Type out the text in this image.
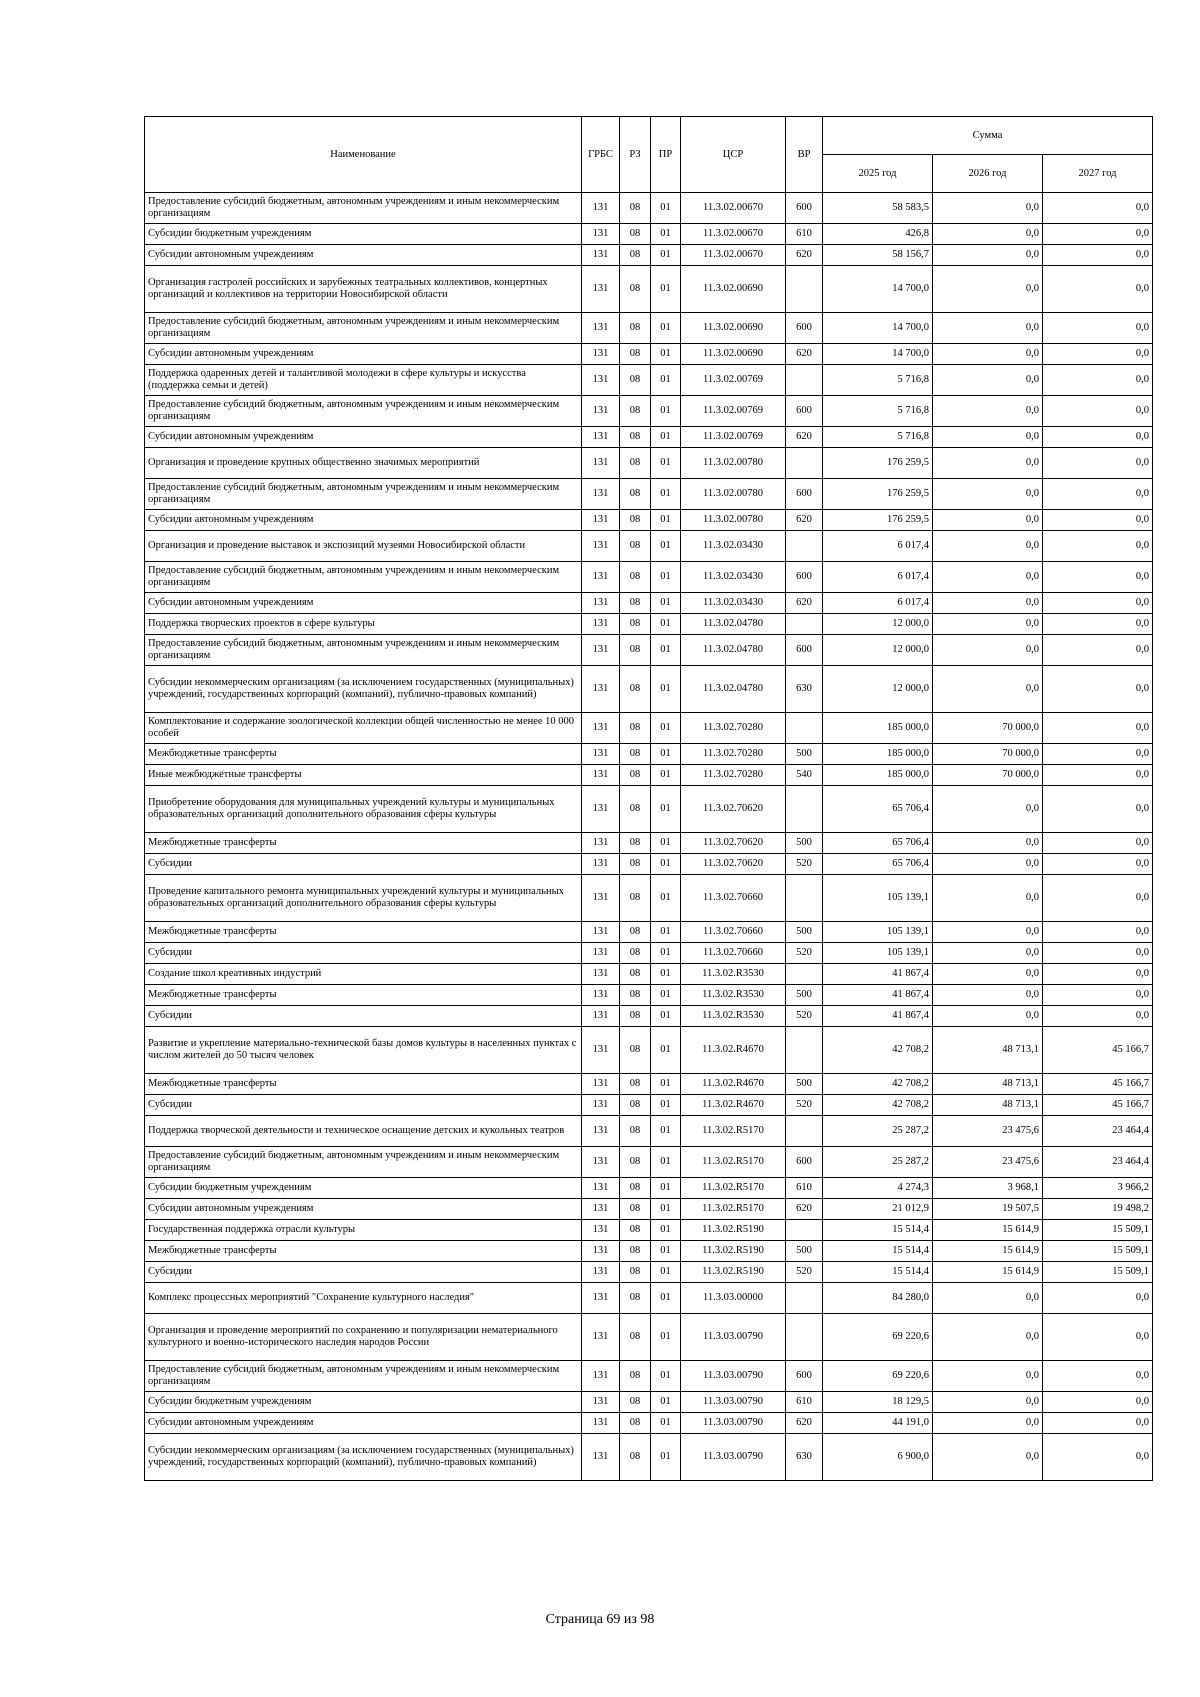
Наименование	ГРБС	РЗ	ПР	ЦСР	ВР	Сумма		
						2025 год	2026 год	2027 год
Предоставление субсидий бюджетным, автономным учреждениям и иным некоммерческим организациям	131	08	01	11.3.02.00670	600	58 583,5	0,0	0,0
Субсидии бюджетным учреждениям	131	08	01	11.3.02.00670	610	426,8	0,0	0,0
Субсидии автономным учреждениям	131	08	01	11.3.02.00670	620	58 156,7	0,0	0,0
Организация гастролей российских и зарубежных театральных коллективов, концертных организаций и коллективов на территории Новосибирской области	131	08	01	11.3.02.00690		14 700,0	0,0	0,0
Предоставление субсидий бюджетным, автономным учреждениям и иным некоммерческим организациям	131	08	01	11.3.02.00690	600	14 700,0	0,0	0,0
Субсидии автономным учреждениям	131	08	01	11.3.02.00690	620	14 700,0	0,0	0,0
Поддержка одаренных детей и талантливой молодежи в сфере культуры и искусства (поддержка семьи и детей)	131	08	01	11.3.02.00769		5 716,8	0,0	0,0
Предоставление субсидий бюджетным, автономным учреждениям и иным некоммерческим организациям	131	08	01	11.3.02.00769	600	5 716,8	0,0	0,0
Субсидии автономным учреждениям	131	08	01	11.3.02.00769	620	5 716,8	0,0	0,0
Организация и проведение крупных общественно значимых мероприятий	131	08	01	11.3.02.00780		176 259,5	0,0	0,0
Предоставление субсидий бюджетным, автономным учреждениям и иным некоммерческим организациям	131	08	01	11.3.02.00780	600	176 259,5	0,0	0,0
Субсидии автономным учреждениям	131	08	01	11.3.02.00780	620	176 259,5	0,0	0,0
Организация и проведение выставок и экспозиций музеями Новосибирской области	131	08	01	11.3.02.03430		6 017,4	0,0	0,0
Предоставление субсидий бюджетным, автономным учреждениям и иным некоммерческим организациям	131	08	01	11.3.02.03430	600	6 017,4	0,0	0,0
Субсидии автономным учреждениям	131	08	01	11.3.02.03430	620	6 017,4	0,0	0,0
Поддержка творческих проектов в сфере культуры	131	08	01	11.3.02.04780		12 000,0	0,0	0,0
Предоставление субсидий бюджетным, автономным учреждениям и иным некоммерческим организациям	131	08	01	11.3.02.04780	600	12 000,0	0,0	0,0
Субсидии некоммерческим организациям (за исключением государственных (муниципальных) учреждений, государственных корпораций (компаний), публично-правовых компаний)	131	08	01	11.3.02.04780	630	12 000,0	0,0	0,0
Комплектование и содержание зоологической коллекции общей численностью не менее 10 000 особей	131	08	01	11.3.02.70280		185 000,0	70 000,0	0,0
Межбюджетные трансферты	131	08	01	11.3.02.70280	500	185 000,0	70 000,0	0,0
Иные межбюджетные трансферты	131	08	01	11.3.02.70280	540	185 000,0	70 000,0	0,0
Приобретение оборудования для муниципальных учреждений культуры и муниципальных образовательных организаций дополнительного образования сферы культуры	131	08	01	11.3.02.70620		65 706,4	0,0	0,0
Межбюджетные трансферты	131	08	01	11.3.02.70620	500	65 706,4	0,0	0,0
Субсидии	131	08	01	11.3.02.70620	520	65 706,4	0,0	0,0
Проведение капитального ремонта муниципальных учреждений культуры и муниципальных образовательных организаций дополнительного образования сферы культуры	131	08	01	11.3.02.70660		105 139,1	0,0	0,0
Межбюджетные трансферты	131	08	01	11.3.02.70660	500	105 139,1	0,0	0,0
Субсидии	131	08	01	11.3.02.70660	520	105 139,1	0,0	0,0
Создание школ креативных индустрий	131	08	01	11.3.02.R3530		41 867,4	0,0	0,0
Межбюджетные трансферты	131	08	01	11.3.02.R3530	500	41 867,4	0,0	0,0
Субсидии	131	08	01	11.3.02.R3530	520	41 867,4	0,0	0,0
Развитие и укрепление материально-технической базы домов культуры в населенных пунктах с числом жителей до 50 тысяч человек	131	08	01	11.3.02.R4670		42 708,2	48 713,1	45 166,7
Межбюджетные трансферты	131	08	01	11.3.02.R4670	500	42 708,2	48 713,1	45 166,7
Субсидии	131	08	01	11.3.02.R4670	520	42 708,2	48 713,1	45 166,7
Поддержка творческой деятельности и техническое оснащение детских и кукольных театров	131	08	01	11.3.02.R5170		25 287,2	23 475,6	23 464,4
Предоставление субсидий бюджетным, автономным учреждениям и иным некоммерческим организациям	131	08	01	11.3.02.R5170	600	25 287,2	23 475,6	23 464,4
Субсидии бюджетным учреждениям	131	08	01	11.3.02.R5170	610	4 274,3	3 968,1	3 966,2
Субсидии автономным учреждениям	131	08	01	11.3.02.R5170	620	21 012,9	19 507,5	19 498,2
Государственная поддержка отрасли культуры	131	08	01	11.3.02.R5190		15 514,4	15 614,9	15 509,1
Межбюджетные трансферты	131	08	01	11.3.02.R5190	500	15 514,4	15 614,9	15 509,1
Субсидии	131	08	01	11.3.02.R5190	520	15 514,4	15 614,9	15 509,1
Комплекс процессных мероприятий "Сохранение культурного наследия"	131	08	01	11.3.03.00000		84 280,0	0,0	0,0
Организация и проведение мероприятий по сохранению и популяризации нематериального культурного и военно-исторического наследия народов России	131	08	01	11.3.03.00790		69 220,6	0,0	0,0
Предоставление субсидий бюджетным, автономным учреждениям и иным некоммерческим организациям	131	08	01	11.3.03.00790	600	69 220,6	0,0	0,0
Субсидии бюджетным учреждениям	131	08	01	11.3.03.00790	610	18 129,5	0,0	0,0
Субсидии автономным учреждениям	131	08	01	11.3.03.00790	620	44 191,0	0,0	0,0
Субсидии некоммерческим организациям (за исключением государственных (муниципальных) учреждений, государственных корпораций (компаний), публично-правовых компаний)	131	08	01	11.3.03.00790	630	6 900,0	0,0	0,0
Страница 69 из 98
